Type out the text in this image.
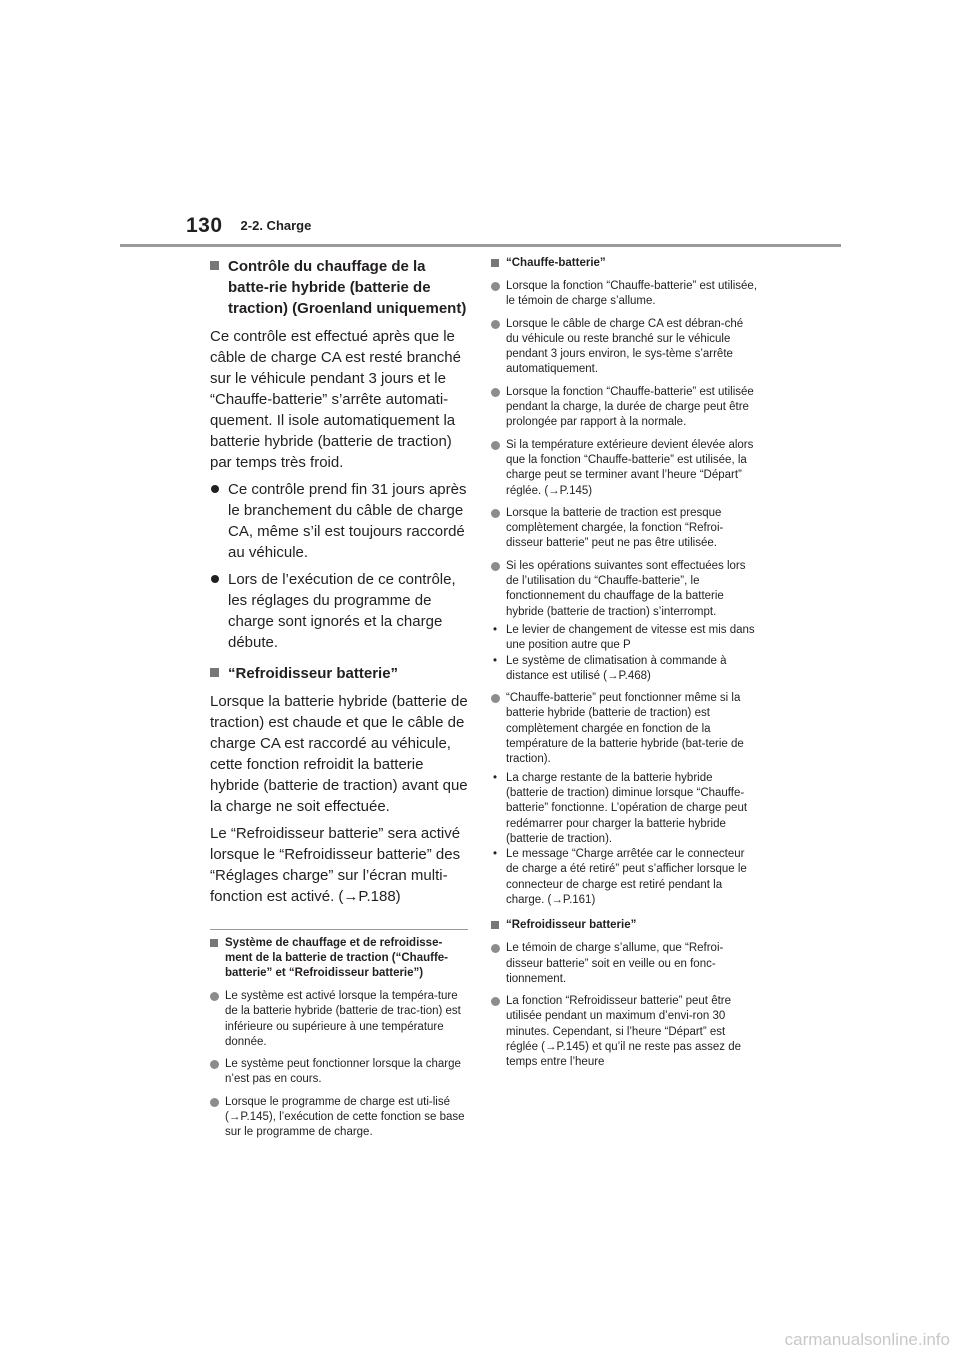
130 2-2. Charge
Contrôle du chauffage de la batte-rie hybride (batterie de traction) (Groenland uniquement)

Ce contrôle est effectué après que le câble de charge CA est resté branché sur le véhicule pendant 3 jours et le “Chauffe-batterie” s’arrête automati-quement. Il isole automatiquement la batterie hybride (batterie de traction) par temps très froid.

Ce contrôle prend fin 31 jours après le branchement du câble de charge CA, même s’il est toujours raccordé au véhicule.
Lors de l’exécution de ce contrôle, les réglages du programme de charge sont ignorés et la charge débute.
“Refroidisseur batterie”

Lorsque la batterie hybride (batterie de traction) est chaude et que le câble de charge CA est raccordé au véhicule, cette fonction refroidit la batterie hybride (batterie de traction) avant que la charge ne soit effectuée.

Le “Refroidisseur batterie” sera activé lorsque le “Refroidisseur batterie” des “Réglages charge” sur l’écran multi-fonction est activé. (→P.188)

Système de chauffage et de refroidisse-ment de la batterie de traction (“Chauffe-batterie” et “Refroidisseur batterie”)
Le système est activé lorsque la tempéra-ture de la batterie hybride (batterie de trac-tion) est inférieure ou supérieure à une température donnée.
Le système peut fonctionner lorsque la charge n’est pas en cours.
Lorsque le programme de charge est uti-lisé (→P.145), l’exécution de cette fonction se base sur le programme de charge.
“Chauffe-batterie”
Lorsque la fonction “Chauffe-batterie” est utilisée, le témoin de charge s’allume.
Lorsque le câble de charge CA est débran-ché du véhicule ou reste branché sur le véhicule pendant 3 jours environ, le sys-tème s’arrête automatiquement.
Lorsque la fonction “Chauffe-batterie” est utilisée pendant la charge, la durée de charge peut être prolongée par rapport à la normale.
Si la température extérieure devient élevée alors que la fonction “Chauffe-batterie” est utilisée, la charge peut se terminer avant l’heure “Départ” réglée. (→P.145)
Lorsque la batterie de traction est presque complètement chargée, la fonction “Refroi-disseur batterie” peut ne pas être utilisée.
Si les opérations suivantes sont effectuées lors de l’utilisation du “Chauffe-batterie”, le fonctionnement du chauffage de la batterie hybride (batterie de traction) s’interrompt.
• Le levier de changement de vitesse est mis dans une position autre que P
• Le système de climatisation à commande à distance est utilisé (→P.468)
“Chauffe-batterie” peut fonctionner même si la batterie hybride (batterie de traction) est complètement chargée en fonction de la température de la batterie hybride (bat-terie de traction).
• La charge restante de la batterie hybride (batterie de traction) diminue lorsque “Chauffe-batterie” fonctionne. L’opération de charge peut redémarrer pour charger la batterie hybride (batterie de traction).
• Le message “Charge arrêtée car le connecteur de charge a été retiré” peut s’afficher lorsque le connecteur de charge est retiré pendant la charge. (→P.161)
“Refroidisseur batterie”
Le témoin de charge s’allume, que “Refroi-disseur batterie” soit en veille ou en fonc-tionnement.
La fonction “Refroidisseur batterie” peut être utilisée pendant un maximum d’envi-ron 30 minutes. Cependant, si l’heure “Départ” est réglée (→P.145) et qu’il ne reste pas assez de temps entre l’heure
carmanualsonline.info
